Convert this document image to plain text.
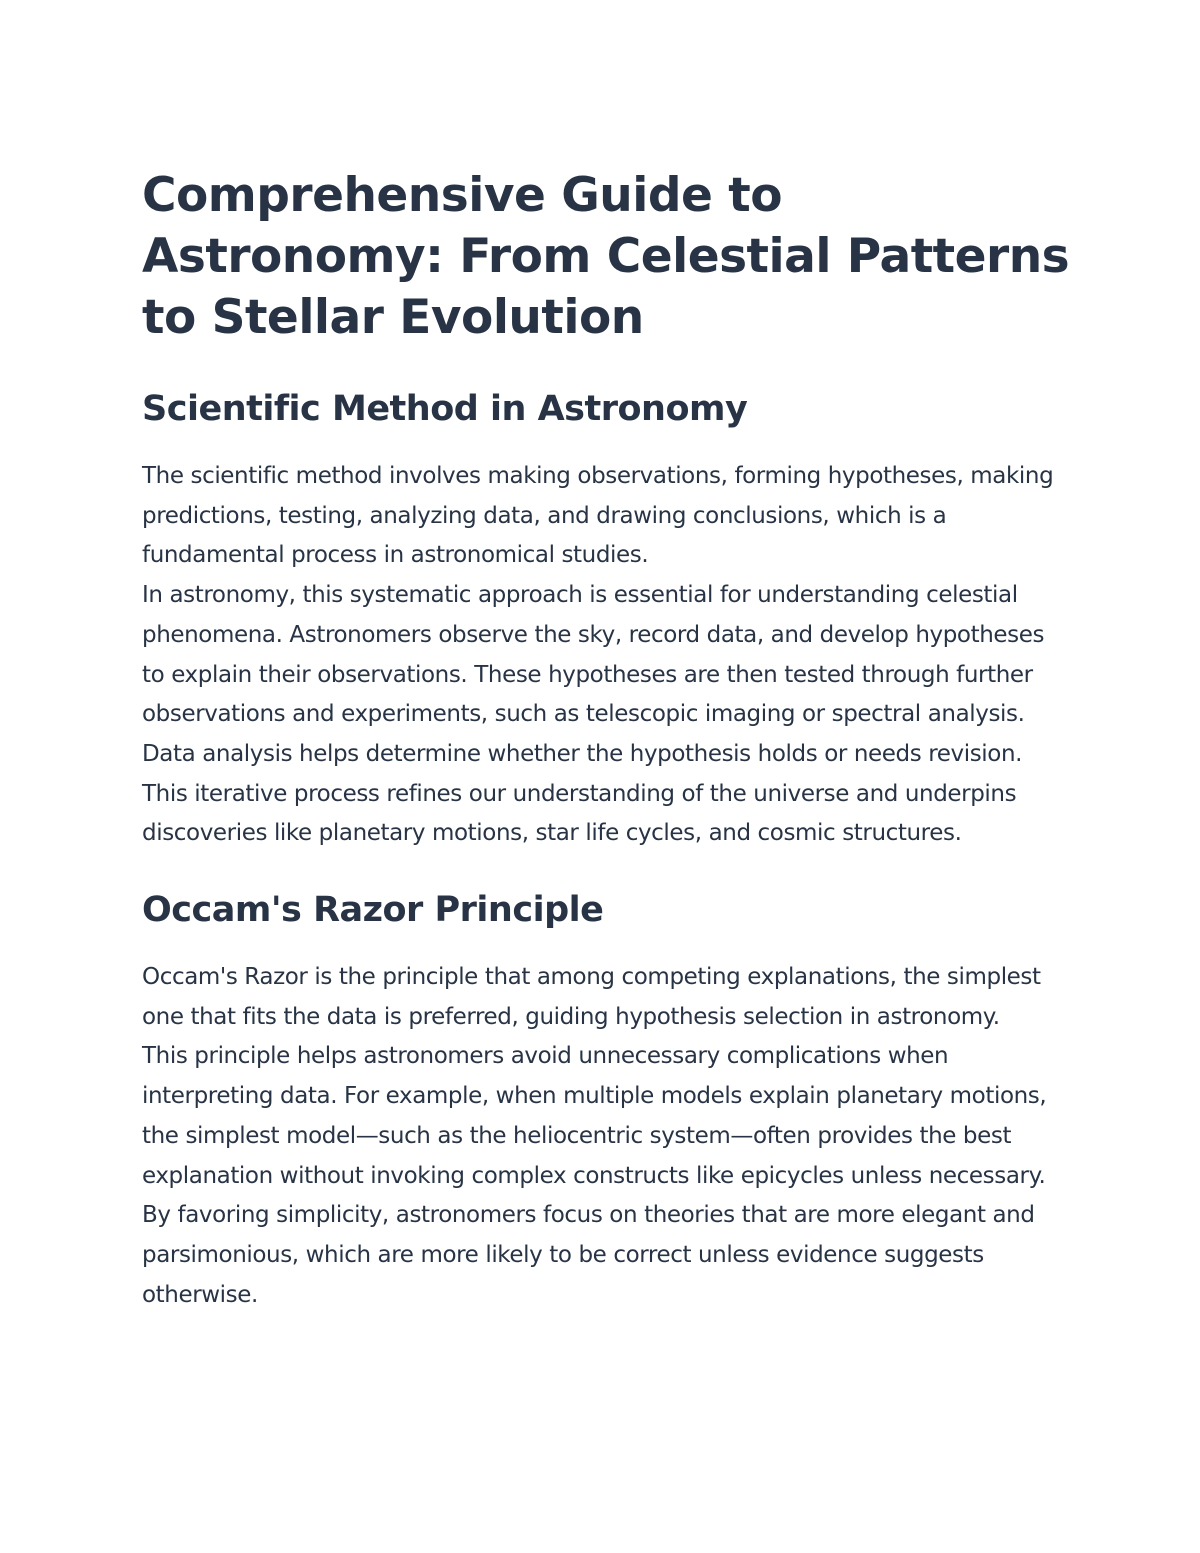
Comprehensive Guide to Astronomy: From Celestial Patterns to Stellar Evolution
Scientific Method in Astronomy

The scientific method involves making observations, forming hypotheses, making predictions, testing, analyzing data, and drawing conclusions, which is a fundamental process in astronomical studies.

In astronomy, this systematic approach is essential for understanding celestial phenomena. Astronomers observe the sky, record data, and develop hypotheses to explain their observations. These hypotheses are then tested through further observations and experiments, such as telescopic imaging or spectral analysis. Data analysis helps determine whether the hypothesis holds or needs revision. This iterative process refines our understanding of the universe and underpins discoveries like planetary motions, star life cycles, and cosmic structures.

Occam's Razor Principle

Occam's Razor is the principle that among competing explanations, the simplest one that fits the data is preferred, guiding hypothesis selection in astronomy.

This principle helps astronomers avoid unnecessary complications when interpreting data. For example, when multiple models explain planetary motions, the simplest model—such as the heliocentric system—often provides the best explanation without invoking complex constructs like epicycles unless necessary. By favoring simplicity, astronomers focus on theories that are more elegant and parsimonious, which are more likely to be correct unless evidence suggests otherwise.
